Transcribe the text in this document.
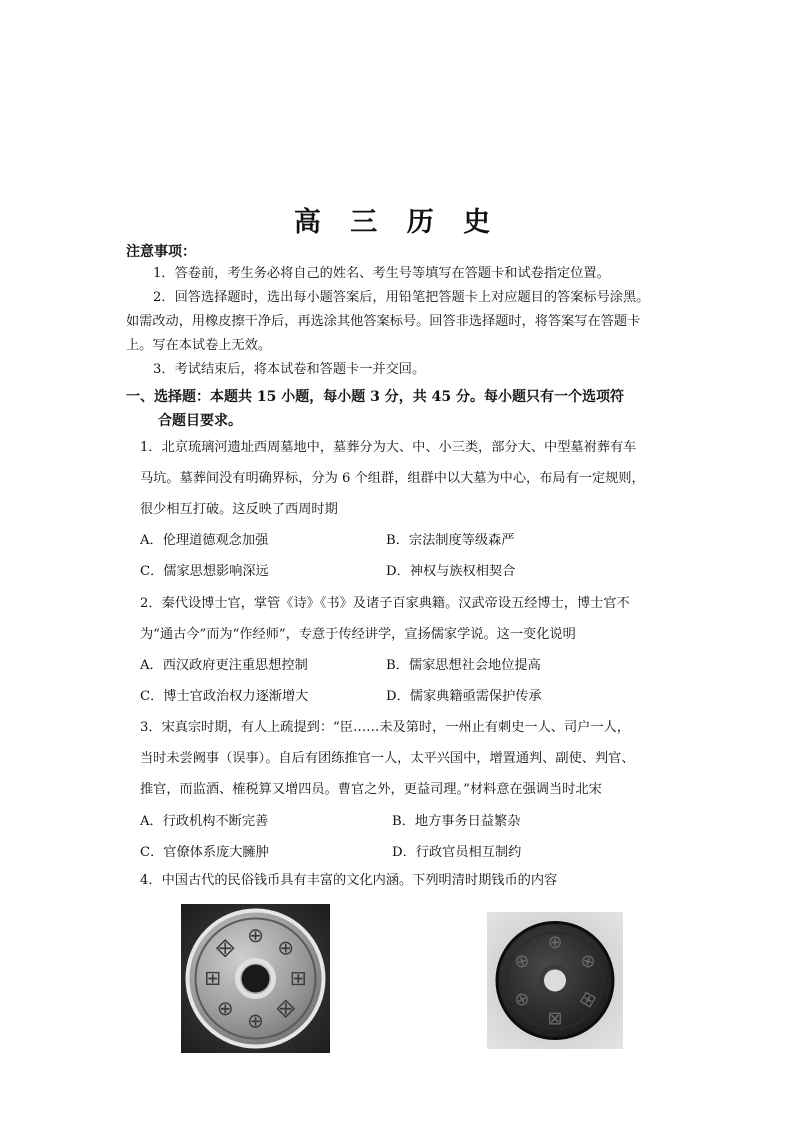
高 三 历 史
注意事项：
1．答卷前，考生务必将自己的姓名、考生号等填写在答题卡和试卷指定位置。
2．回答选择题时，选出每小题答案后，用铅笔把答题卡上对应题目的答案标号涂黑。
如需改动，用橡皮擦干净后，再选涂其他答案标号。回答非选择题时，将答案写在答题卡
上。写在本试卷上无效。
3．考试结束后，将本试卷和答题卡一并交回。
一、选择题：本题共 15 小题，每小题 3 分，共 45 分。每小题只有一个选项符
合题目要求。
1．北京琉璃河遗址西周墓地中，墓葬分为大、中、小三类，部分大、中型墓祔葬有车
马坑。墓葬间没有明确界标，分为 6 个组群，组群中以大墓为中心，布局有一定规则，
很少相互打破。这反映了西周时期
A．伦理道德观念加强	B．宗法制度等级森严
C．儒家思想影响深远	D．神权与族权相契合
2．秦代设博士官，掌管《诗》《书》及诸子百家典籍。汉武帝设五经博士，博士官不
为“通古今”而为“作经师”，专意于传经讲学，宣扬儒家学说。这一变化说明
A．西汉政府更注重思想控制	B．儒家思想社会地位提高
C．博士官政治权力逐渐增大	D．儒家典籍亟需保护传承
3．宋真宗时期，有人上疏提到：“臣……未及第时，一州止有刺史一人、司户一人，
当时未尝阙事（误事）。自后有团练推官一人，太平兴国中，增置通判、副使、判官、
推官，而监酒、榷税算又增四员。曹官之外，更益司理。”材料意在强调当时北宋
A．行政机构不断完善	B．地方事务日益繁杂
C．官僚体系庞大臃肿	D．行政官员相互制约
4．中国古代的民俗钱币具有丰富的文化内涵。下列明清时期钱币的内容
⊕ ⊗
⊞
⊠
⊕
⊗
⊞
⊠	⊕
⊗
⊞
⊠
⊕
⊗
